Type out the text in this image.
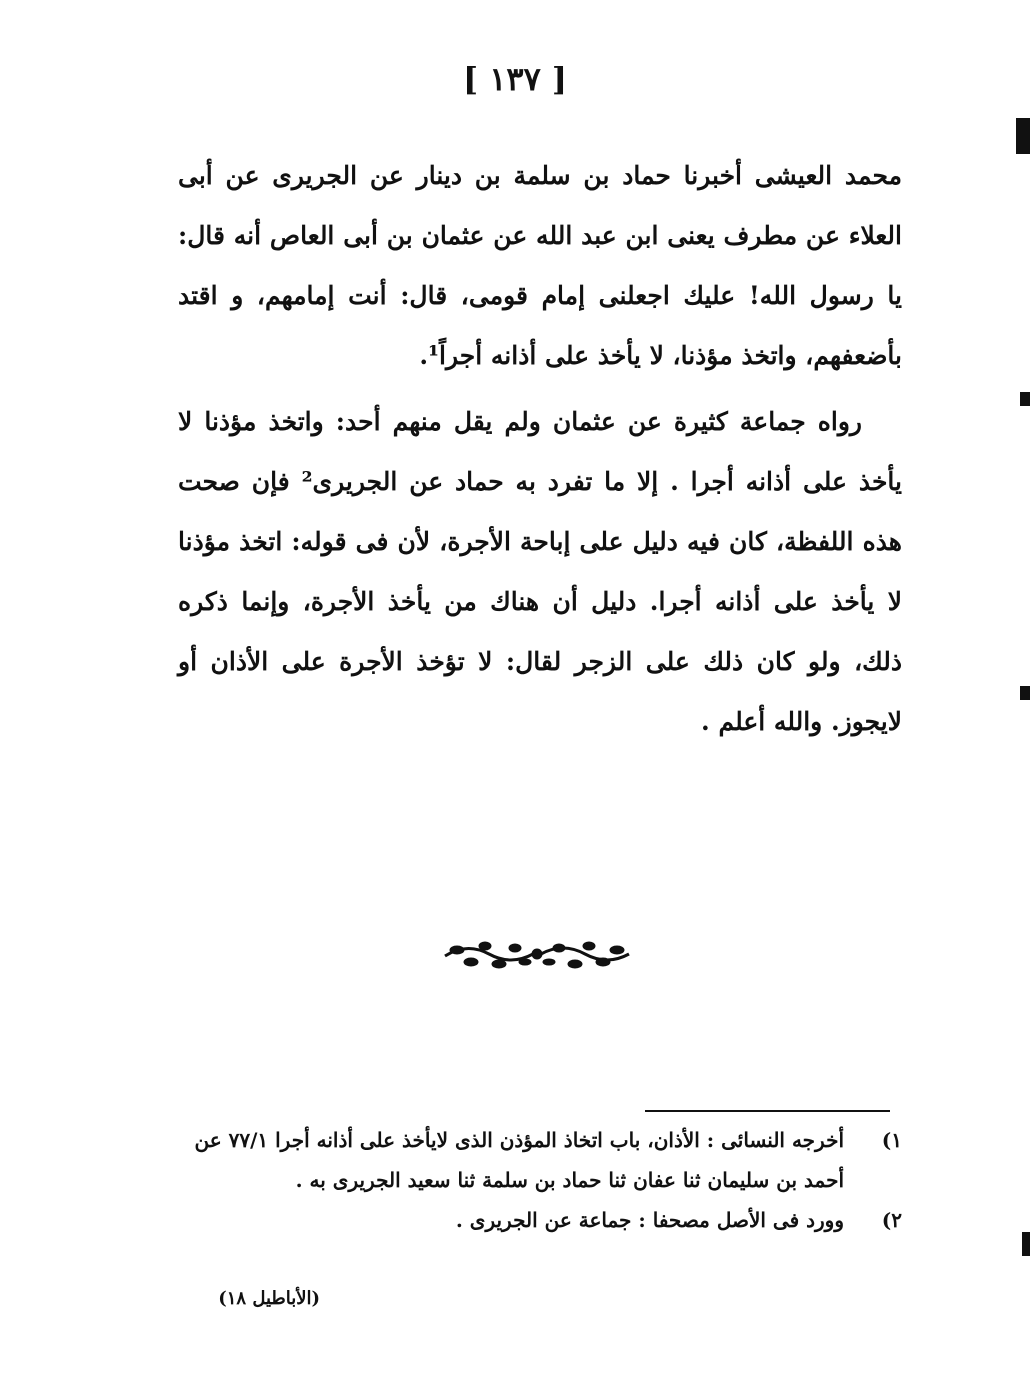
[ ١٣٧ ]

محمد العيشى أخبرنا حماد بن سلمة بن دينار عن الجريرى عن أبى العلاء عن مطرف يعنى ابن عبد الله عن عثمان بن أبى العاص أنه قال: يا رسول الله! عليك اجعلنى إمام قومى، قال: أنت إمامهم، و اقتد بأضعفهم، واتخذ مؤذنا، لا يأخذ على أذانه أجراً¹.

رواه جماعة كثيرة عن عثمان ولم يقل منهم أحد: واتخذ مؤذنا لا يأخذ على أذانه أجرا . إلا ما تفرد به حماد عن الجريرى² فإن صحت هذه اللفظة، كان فيه دليل على إباحة الأجرة، لأن فى قوله: اتخذ مؤذنا لا يأخذ على أذانه أجرا. دليل أن هناك من يأخذ الأجرة، وإنما ذكره ذلك، ولو كان ذلك على الزجر لقال: لا تؤخذ الأجرة على الأذان أو لايجوز. والله أعلم .

١)
أخرجه النسائى : الأذان، باب اتخاذ المؤذن الذى لايأخذ على أذانه أجرا ٧٧/١ عن أحمد بن سليمان ثنا عفان ثنا حماد بن سلمة ثنا سعيد الجريرى به .
٢)
وورد فى الأصل مصحفا : جماعة عن الجريرى .
(الأباطيل ١٨)
